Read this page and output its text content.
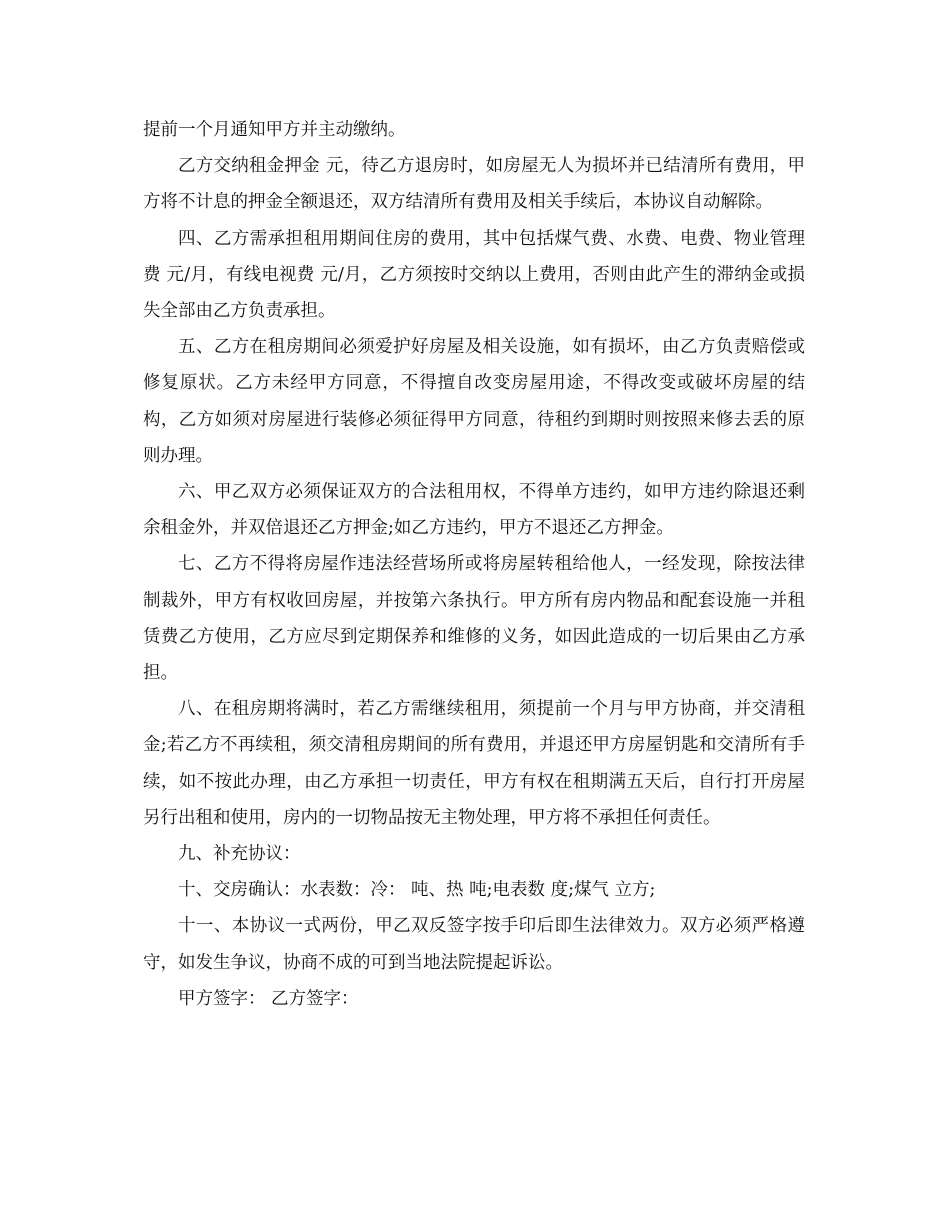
提前一个月通知甲方并主动缴纳。

乙方交纳租金押金 元，待乙方退房时，如房屋无人为损坏并已结清所有费用，甲方将不计息的押金全额退还，双方结清所有费用及相关手续后，本协议自动解除。

四、乙方需承担租用期间住房的费用，其中包括煤气费、水费、电费、物业管理费 元/月，有线电视费 元/月，乙方须按时交纳以上费用，否则由此产生的滞纳金或损失全部由乙方负责承担。

五、乙方在租房期间必须爱护好房屋及相关设施，如有损坏，由乙方负责赔偿或修复原状。乙方未经甲方同意，不得擅自改变房屋用途，不得改变或破坏房屋的结构，乙方如须对房屋进行装修必须征得甲方同意，待租约到期时则按照来修去丢的原则办理。

六、甲乙双方必须保证双方的合法租用权，不得单方违约，如甲方违约除退还剩余租金外，并双倍退还乙方押金;如乙方违约，甲方不退还乙方押金。

七、乙方不得将房屋作违法经营场所或将房屋转租给他人，一经发现，除按法律制裁外，甲方有权收回房屋，并按第六条执行。甲方所有房内物品和配套设施一并租赁费乙方使用，乙方应尽到定期保养和维修的义务，如因此造成的一切后果由乙方承担。

八、在租房期将满时，若乙方需继续租用，须提前一个月与甲方协商，并交清租金;若乙方不再续租，须交清租房期间的所有费用，并退还甲方房屋钥匙和交清所有手续，如不按此办理，由乙方承担一切责任，甲方有权在租期满五天后，自行打开房屋另行出租和使用，房内的一切物品按无主物处理，甲方将不承担任何责任。

九、补充协议：

十、交房确认：水表数：冷： 吨、热 吨;电表数 度;煤气 立方;

十一、本协议一式两份，甲乙双反签字按手印后即生法律效力。双方必须严格遵守，如发生争议，协商不成的可到当地法院提起诉讼。

甲方签字： 乙方签字：
